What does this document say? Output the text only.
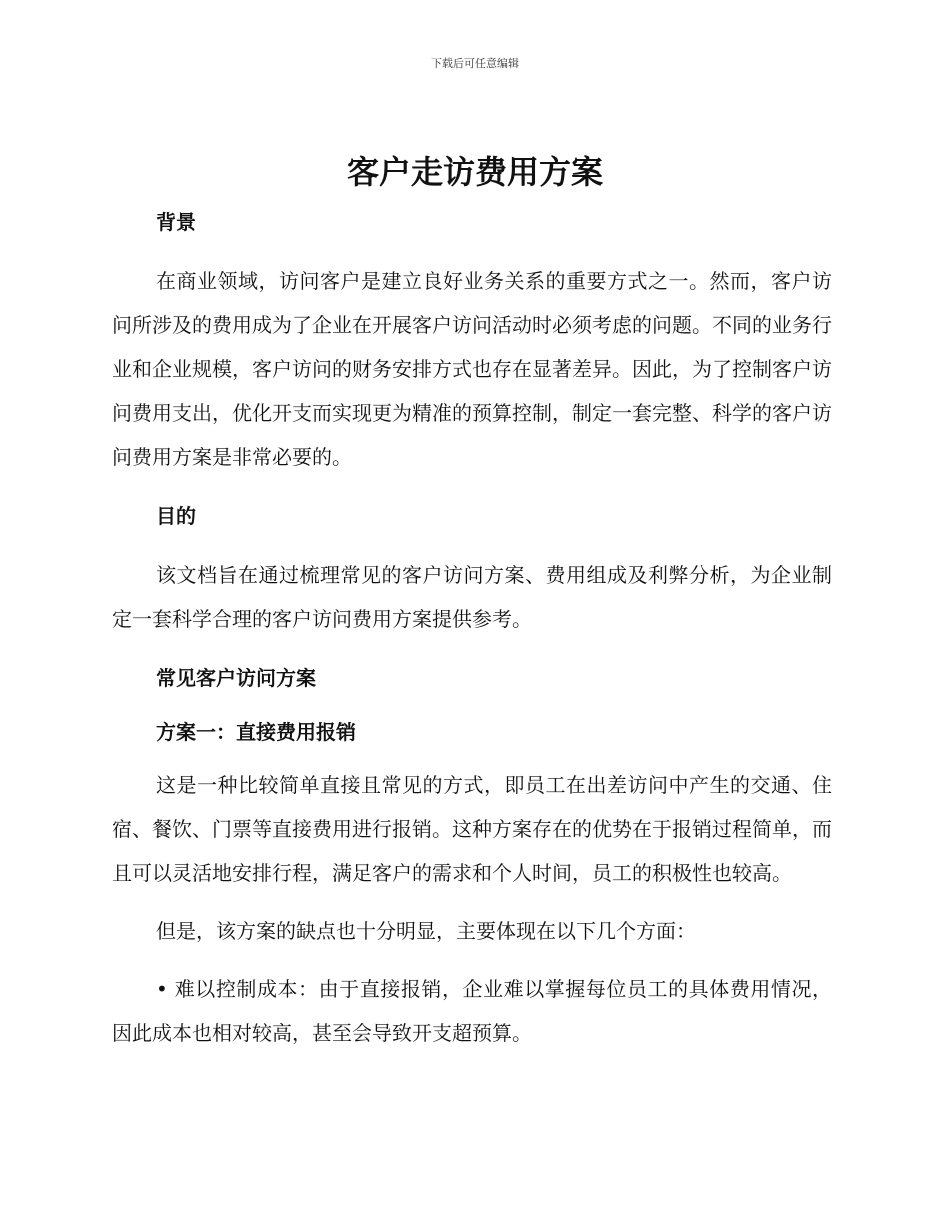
下载后可任意编辑
客户走访费用方案

背景

在商业领域，访问客户是建立良好业务关系的重要方式之一。然而，客户访问所涉及的费用成为了企业在开展客户访问活动时必须考虑的问题。不同的业务行业和企业规模，客户访问的财务安排方式也存在显著差异。因此，为了控制客户访问费用支出，优化开支而实现更为精准的预算控制，制定一套完整、科学的客户访问费用方案是非常必要的。

目的

该文档旨在通过梳理常见的客户访问方案、费用组成及利弊分析，为企业制定一套科学合理的客户访问费用方案提供参考。

常见客户访问方案

方案一：直接费用报销

这是一种比较简单直接且常见的方式，即员工在出差访问中产生的交通、住宿、餐饮、门票等直接费用进行报销。这种方案存在的优势在于报销过程简单，而且可以灵活地安排行程，满足客户的需求和个人时间，员工的积极性也较高。

但是，该方案的缺点也十分明显，主要体现在以下几个方面：

• 难以控制成本：由于直接报销，企业难以掌握每位员工的具体费用情况，因此成本也相对较高，甚至会导致开支超预算。
